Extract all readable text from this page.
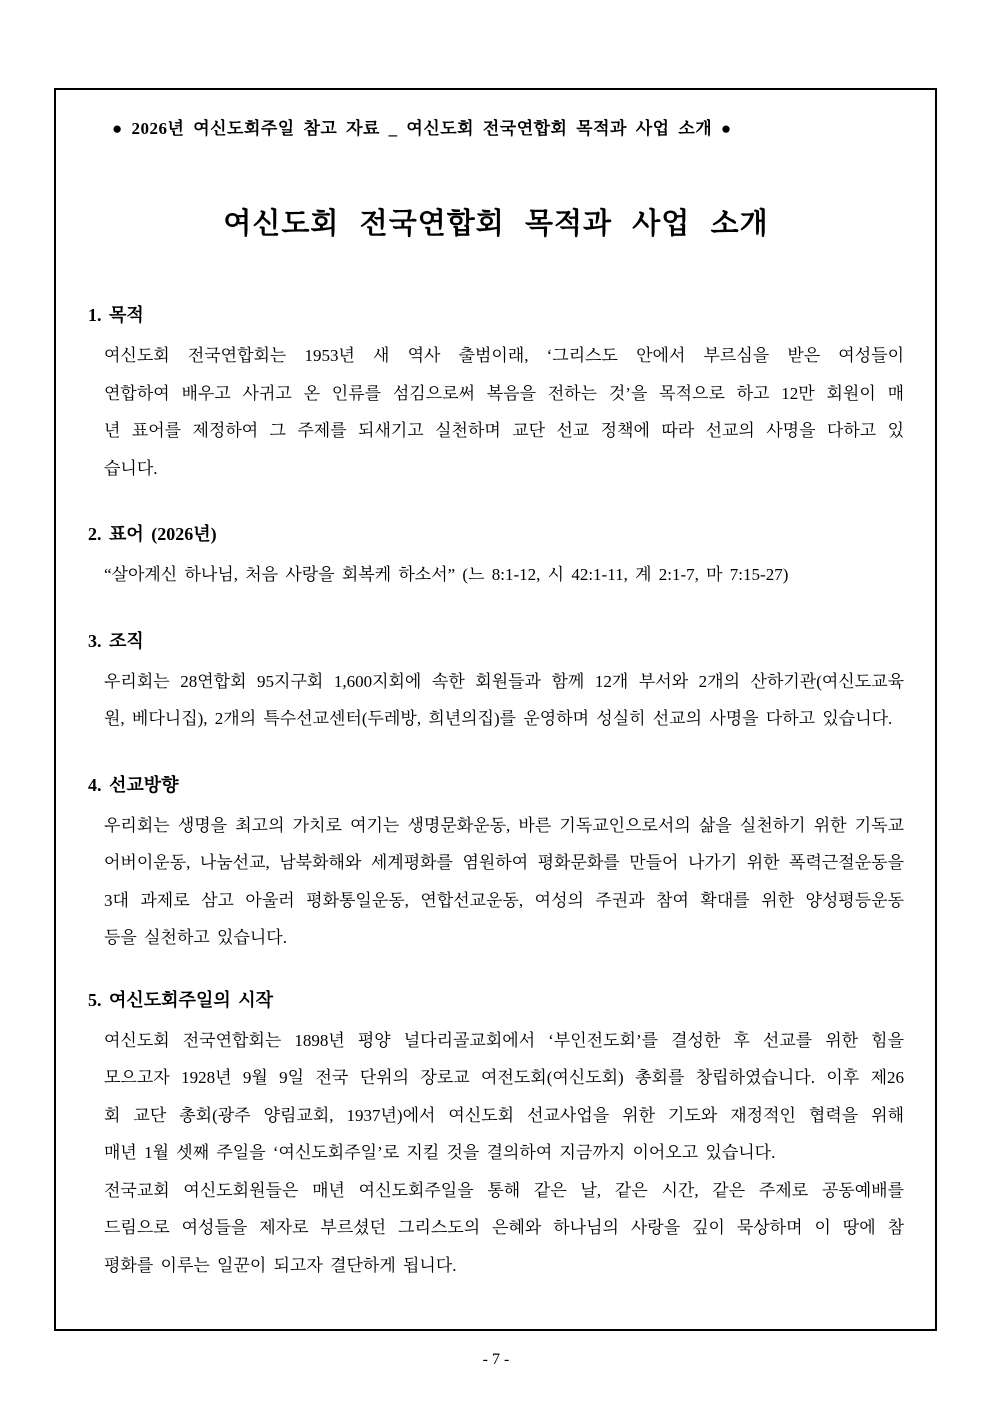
● 2026년 여신도회주일 참고 자료 _ 여신도회 전국연합회 목적과 사업 소개 ●
여신도회 전국연합회 목적과 사업 소개
1. 목적
여신도회 전국연합회는 1953년 새 역사 출범이래, ‘그리스도 안에서 부르심을 받은 여성들이
연합하여 배우고 사귀고 온 인류를 섬김으로써 복음을 전하는 것’을 목적으로 하고 12만 회원이 매
년 표어를 제정하여 그 주제를 되새기고 실천하며 교단 선교 정책에 따라 선교의 사명을 다하고 있
습니다.
2. 표어 (2026년)
“살아계신 하나님, 처음 사랑을 회복케 하소서” (느 8:1-12, 시 42:1-11, 계 2:1-7, 마 7:15-27)
3. 조직
우리회는 28연합회 95지구회 1,600지회에 속한 회원들과 함께 12개 부서와 2개의 산하기관(여신도교육
원, 베다니집), 2개의 특수선교센터(두레방, 희년의집)를 운영하며 성실히 선교의 사명을 다하고 있습니다.
4. 선교방향
우리회는 생명을 최고의 가치로 여기는 생명문화운동, 바른 기독교인으로서의 삶을 실천하기 위한 기독교
어버이운동, 나눔선교, 남북화해와 세계평화를 염원하여 평화문화를 만들어 나가기 위한 폭력근절운동을
3대 과제로 삼고 아울러 평화통일운동, 연합선교운동, 여성의 주권과 참여 확대를 위한 양성평등운동
등을 실천하고 있습니다.
5. 여신도회주일의 시작
여신도회 전국연합회는 1898년 평양 널다리골교회에서 ‘부인전도회’를 결성한 후 선교를 위한 힘을
모으고자 1928년 9월 9일 전국 단위의 장로교 여전도회(여신도회) 총회를 창립하였습니다. 이후 제26
회 교단 총회(광주 양림교회, 1937년)에서 여신도회 선교사업을 위한 기도와 재정적인 협력을 위해
매년 1월 셋째 주일을 ‘여신도회주일’로 지킬 것을 결의하여 지금까지 이어오고 있습니다.
전국교회 여신도회원들은 매년 여신도회주일을 통해 같은 날, 같은 시간, 같은 주제로 공동예배를
드림으로 여성들을 제자로 부르셨던 그리스도의 은혜와 하나님의 사랑을 깊이 묵상하며 이 땅에 참
평화를 이루는 일꾼이 되고자 결단하게 됩니다.
- 7 -
